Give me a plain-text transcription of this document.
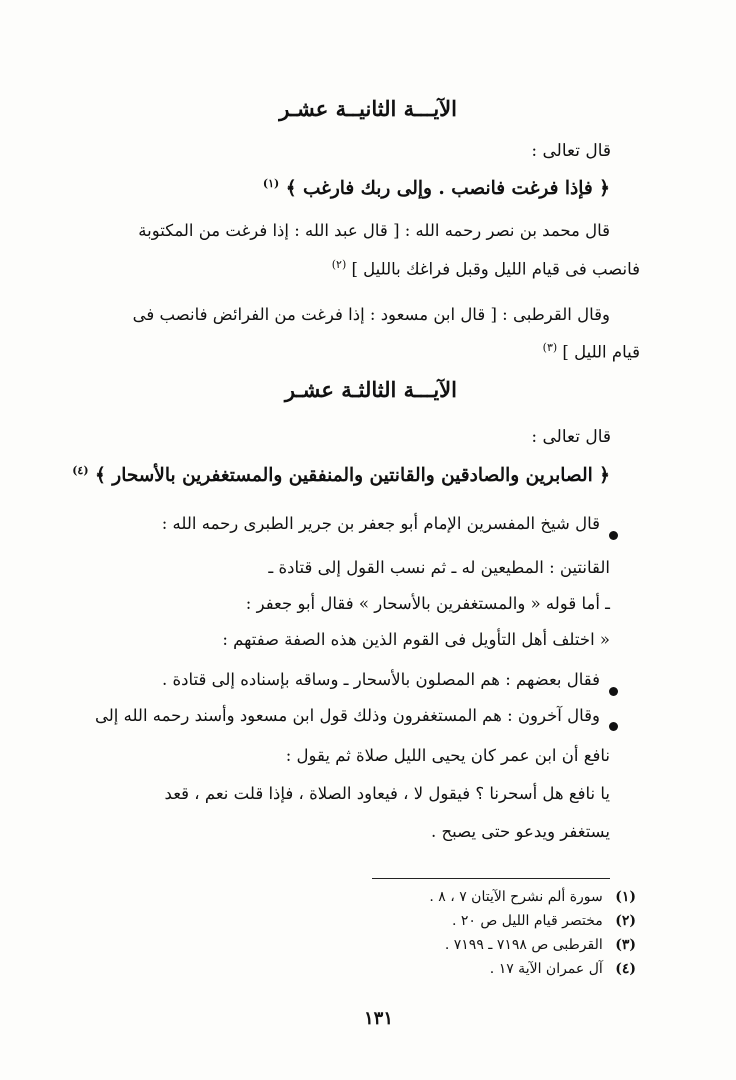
الآيـــة الثانيــة عشـر
قال تعالى :
﴿ فإذا فرغت فانصب . وإلى ربك فارغب ﴾ $^{(١)}$
قال محمد بن نصر رحمه الله : [ قال عبد الله : إذا فرغت من المكتوبة
فانصب فى قيام الليل وقبل فراغك بالليل ] $^{(٢)}$
وقال القرطبى : [ قال ابن مسعود : إذا فرغت من الفرائض فانصب فى
قيام الليل ] $^{(٣)}$
الآيـــة الثالثـة عشـر
قال تعالى :
﴿ الصابرين والصادقين والقانتين والمنفقين والمستغفرين بالأسحار ﴾ $^{(٤)}$
قال شيخ المفسرين الإمام أبو جعفر بن جرير الطبرى رحمه الله :
القانتين : المطيعين له ـ ثم نسب القول إلى قتادة ـ
ـ أما قوله « والمستغفرين بالأسحار » فقال أبو جعفر :
« اختلف أهل التأويل فى القوم الذين هذه الصفة صفتهم :
فقال بعضهم : هم المصلون بالأسحار ـ وساقه بإسناده إلى قتادة .
وقال آخرون : هم المستغفرون وذلك قول ابن مسعود وأسند رحمه الله إلى
نافع أن ابن عمر كان يحيى الليل صلاة ثم يقول :
يا نافع هل أسحرنا ؟ فيقول لا ، فيعاود الصلاة ، فإذا قلت نعم ، قعد
يستغفر ويدعو حتى يصبح .
(١) سورة ألم نشرح الآيتان ٧ ، ٨ .
(٢) مختصر قيام الليل ص ٢٠ .
(٣) القرطبى ص ٧١٩٨ ـ ٧١٩٩ .
(٤) آل عمران الآية ١٧ .
١٣١
